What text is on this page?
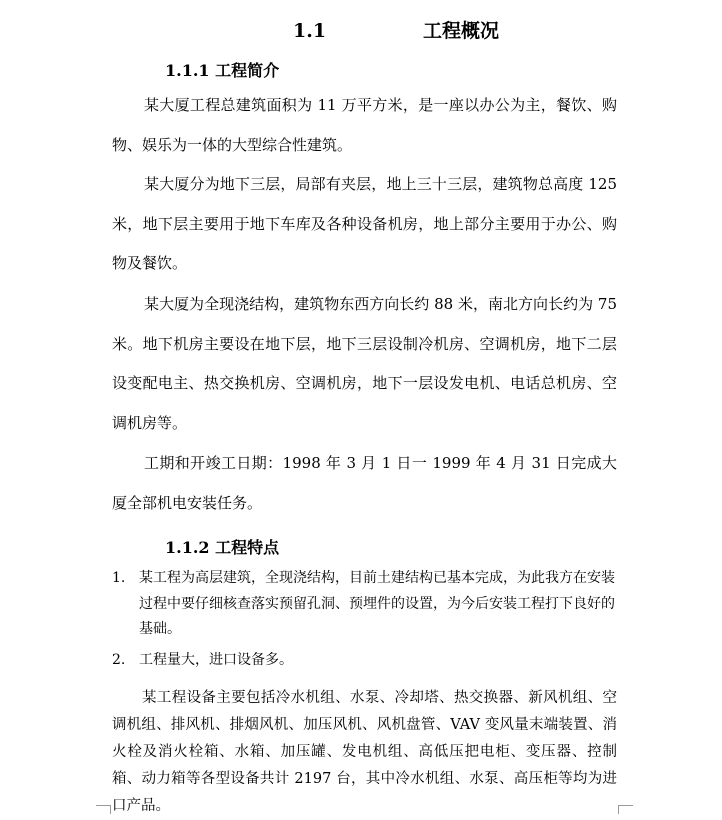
1.1	工程概况
1.1.1 工程简介
某大厦工程总建筑面积为 11 万平方米，是一座以办公为主，餐饮、购物、娱乐为一体的大型综合性建筑。
某大厦分为地下三层，局部有夹层，地上三十三层，建筑物总高度 125 米，地下层主要用于地下车库及各种设备机房，地上部分主要用于办公、购物及餐饮。
某大厦为全现浇结构，建筑物东西方向长约 88 米，南北方向长约为 75 米。地下机房主要设在地下层，地下三层设制冷机房、空调机房，地下二层设变配电主、热交换机房、空调机房，地下一层设发电机、电话总机房、空调机房等。
工期和开竣工日期：1998 年 3 月 1 日一 1999 年 4 月 31 日完成大厦全部机电安装任务。
1.1.2 工程特点
1. 某工程为高层建筑，全现浇结构，目前土建结构已基本完成，为此我方在安装过程中要仔细核查落实预留孔洞、预埋件的设置，为今后安装工程打下良好的基础。
2. 工程量大，进口设备多。
某工程设备主要包括冷水机组、水泵、冷却塔、热交换器、新风机组、空调机组、排风机、排烟风机、加压风机、风机盘管、VAV 变风量末端装置、消火栓及消火栓箱、水箱、加压罐、发电机组、高低压把电柜、变压器、控制箱、动力箱等各型设备共计 2197 台，其中冷水机组、水泵、高压柜等均为进口产品。
